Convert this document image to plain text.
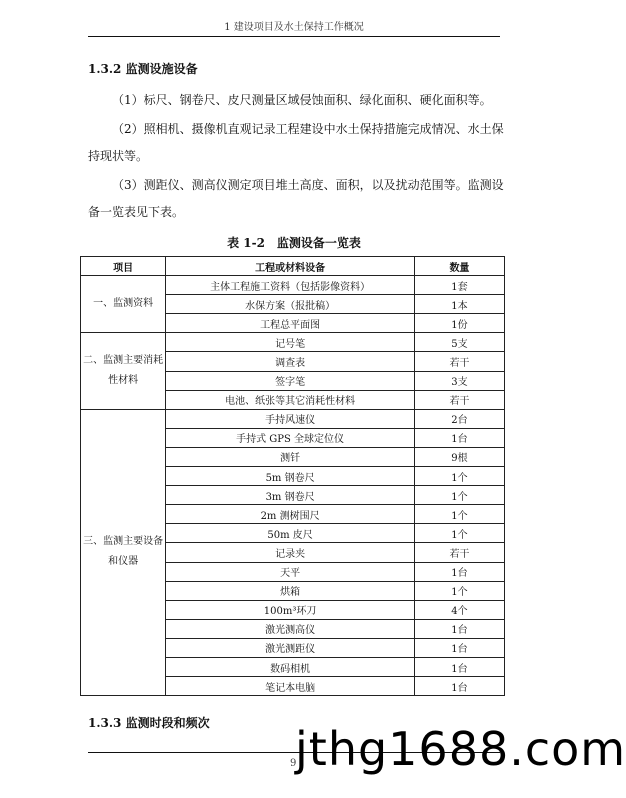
1 建设项目及水土保持工作概况
1.3.2 监测设施设备
（1）标尺、钢卷尺、皮尺测量区域侵蚀面积、绿化面积、硬化面积等。
（2）照相机、摄像机直观记录工程建设中水土保持措施完成情况、水土保持现状等。
（3）测距仪、测高仪测定项目堆土高度、面积，以及扰动范围等。监测设备一览表见下表。
表 1-2　监测设备一览表
项目	工程或材料设备	数量
一、监测资料	主体工程施工资料（包括影像资料）	1套
	水保方案（报批稿）	1本
	工程总平面图	1份
二、监测主要消耗性材料	记号笔	5支
	调查表	若干
	签字笔	3支
	电池、纸张等其它消耗性材料	若干
三、监测主要设备和仪器	手持风速仪	2台
	手持式 GPS 全球定位仪	1台
	测钎	9根
	5m 钢卷尺	1个
	3m 钢卷尺	1个
	2m 测树围尺	1个
	50m 皮尺	1个
	记录夹	若干
	天平	1台
	烘箱	1个
	100m³环刀	4个
	激光测高仪	1台
	激光测距仪	1台
	数码相机	1台
	笔记本电脑	1台
1.3.3 监测时段和频次
9
jthg1688.com
